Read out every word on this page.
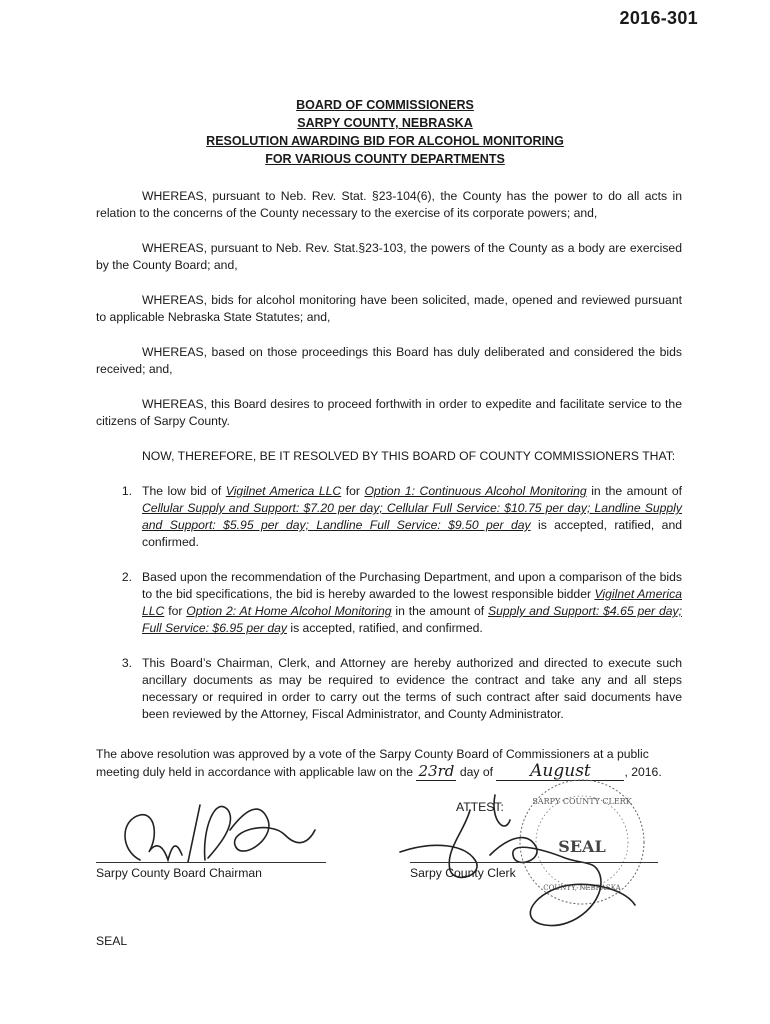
2016-301
BOARD OF COMMISSIONERS
SARPY COUNTY, NEBRASKA
RESOLUTION AWARDING BID FOR ALCOHOL MONITORING
FOR VARIOUS COUNTY DEPARTMENTS

WHEREAS, pursuant to Neb. Rev. Stat. §23-104(6), the County has the power to do all acts in relation to the concerns of the County necessary to the exercise of its corporate powers; and,

WHEREAS, pursuant to Neb. Rev. Stat.§23-103, the powers of the County as a body are exercised by the County Board; and,

WHEREAS, bids for alcohol monitoring have been solicited, made, opened and reviewed pursuant to applicable Nebraska State Statutes; and,

WHEREAS, based on those proceedings this Board has duly deliberated and considered the bids received; and,

WHEREAS, this Board desires to proceed forthwith in order to expedite and facilitate service to the citizens of Sarpy County.

NOW, THEREFORE, BE IT RESOLVED BY THIS BOARD OF COUNTY COMMISSIONERS THAT:
1. The low bid of Vigilnet America LLC for Option 1: Continuous Alcohol Monitoring in the amount of Cellular Supply and Support: $7.20 per day; Cellular Full Service: $10.75 per day; Landline Supply and Support: $5.95 per day; Landline Full Service: $9.50 per day is accepted, ratified, and confirmed.
2. Based upon the recommendation of the Purchasing Department, and upon a comparison of the bids to the bid specifications, the bid is hereby awarded to the lowest responsible bidder Vigilnet America LLC for Option 2: At Home Alcohol Monitoring in the amount of Supply and Support: $4.65 per day; Full Service: $6.95 per day is accepted, ratified, and confirmed.
3. This Board’s Chairman, Clerk, and Attorney are hereby authorized and directed to execute such ancillary documents as may be required to evidence the contract and take any and all steps necessary or required in order to carry out the terms of such contract after said documents have been reviewed by the Attorney, Fiscal Administrator, and County Administrator.
The above resolution was approved by a vote of the Sarpy County Board of Commissioners at a public meeting duly held in accordance with applicable law on the 23rd day of August	, 2016.
ATTEST:
Sarpy County Board Chairman
SARPY COUNTY CLERK
SEAL
COUNTY, NEBRASKA
Sarpy County Clerk
SEAL
